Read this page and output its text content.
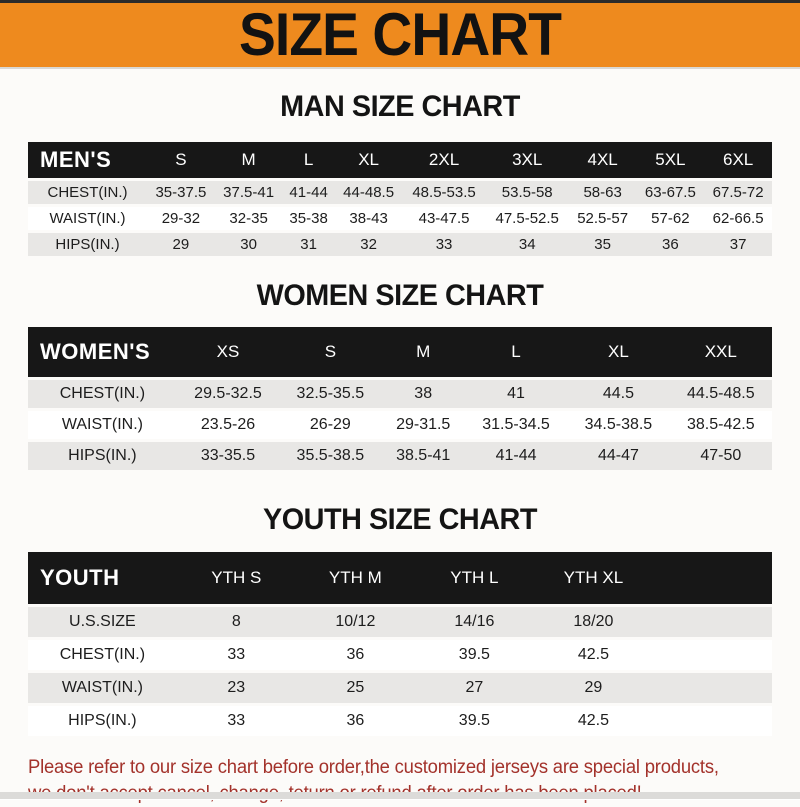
SIZE CHART
MAN SIZE CHART
MEN'S	S	M	L	XL	2XL	3XL	4XL	5XL	6XL
CHEST(IN.)	35-37.5	37.5-41	41-44	44-48.5	48.5-53.5	53.5-58	58-63	63-67.5	67.5-72
WAIST(IN.)	29-32	32-35	35-38	38-43	43-47.5	47.5-52.5	52.5-57	57-62	62-66.5
HIPS(IN.)	29	30	31	32	33	34	35	36	37
WOMEN SIZE CHART
WOMEN'S	XS	S	M	L	XL	XXL
CHEST(IN.)	29.5-32.5	32.5-35.5	38	41	44.5	44.5-48.5
WAIST(IN.)	23.5-26	26-29	29-31.5	31.5-34.5	34.5-38.5	38.5-42.5
HIPS(IN.)	33-35.5	35.5-38.5	38.5-41	41-44	44-47	47-50
YOUTH SIZE CHART
YOUTH	YTH S	YTH M	YTH L	YTH XL	
U.S.SIZE	8	10/12	14/16	18/20	
CHEST(IN.)	33	36	39.5	42.5	
WAIST(IN.)	23	25	27	29	
HIPS(IN.)	33	36	39.5	42.5	
Please refer to our size chart before order,the customized jerseys are special products,
